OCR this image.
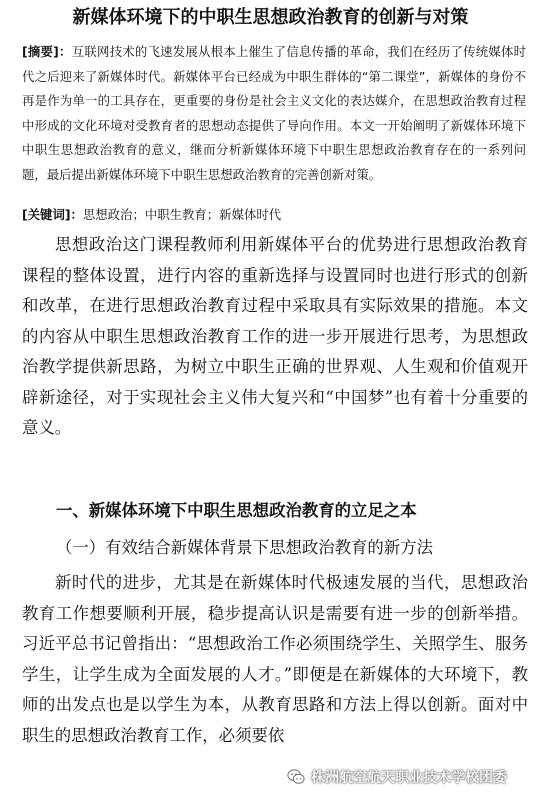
新媒体环境下的中职生思想政治教育的创新与对策
[摘要]：互联网技术的飞速发展从根本上催生了信息传播的革命，我们在经历了传统媒体时代之后迎来了新媒体时代。新媒体平台已经成为中职生群体的“第二课堂”，新媒体的身份不再是作为单一的工具存在，更重要的身份是社会主义文化的表达媒介，在思想政治教育过程中形成的文化环境对受教育者的思想动态提供了导向作用。本文一开始阐明了新媒体环境下中职生思想政治教育的意义，继而分析新媒体环境下中职生思想政治教育存在的一系列问题，最后提出新媒体环境下中职生思想政治教育的完善创新对策。
[关键词]：思想政治；中职生教育；新媒体时代
思想政治这门课程教师利用新媒体平台的优势进行思想政治教育课程的整体设置，进行内容的重新选择与设置同时也进行形式的创新和改革，在进行思想政治教育过程中采取具有实际效果的措施。本文的内容从中职生思想政治教育工作的进一步开展进行思考，为思想政治教学提供新思路，为树立中职生正确的世界观、人生观和价值观开辟新途径，对于实现社会主义伟大复兴和“中国梦”也有着十分重要的意义。
一、新媒体环境下中职生思想政治教育的立足之本
（一）有效结合新媒体背景下思想政治教育的新方法
新时代的进步，尤其是在新媒体时代极速发展的当代，思想政治教育工作想要顺利开展，稳步提高认识是需要有进一步的创新举措。习近平总书记曾指出：“思想政治工作必须围绕学生、关照学生、服务学生，让学生成为全面发展的人才。”即便是在新媒体的大环境下，教师的出发点也是以学生为本，从教育思路和方法上得以创新。面对中职生的思想政治教育工作，必须要依
株洲航空航天职业技术学校团委
